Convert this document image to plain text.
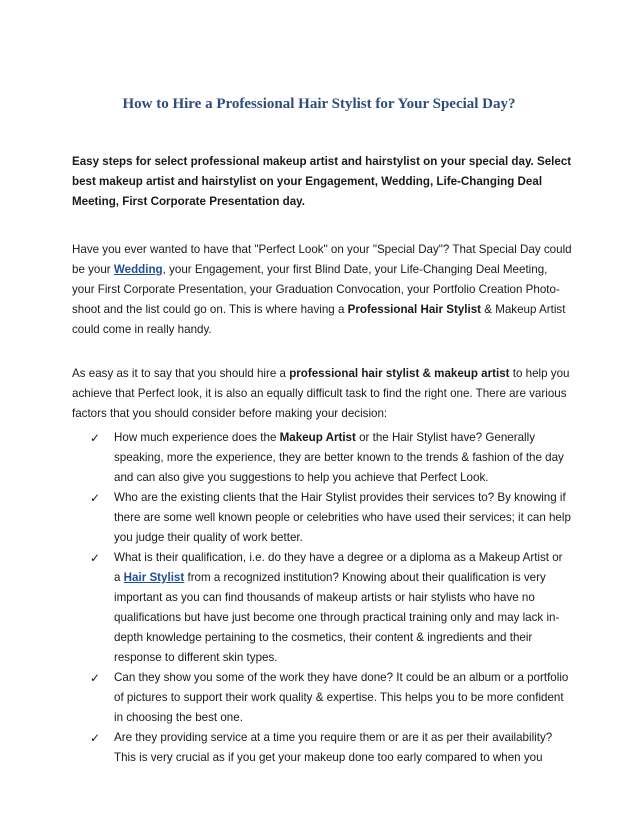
How to Hire a Professional Hair Stylist for Your Special Day?

Easy steps for select professional makeup artist and hairstylist on your special day. Select best makeup artist and hairstylist on your Engagement, Wedding, Life-Changing Deal Meeting, First Corporate Presentation day.

Have you ever wanted to have that "Perfect Look" on your "Special Day"? That Special Day could be your Wedding, your Engagement, your first Blind Date, your Life-Changing Deal Meeting, your First Corporate Presentation, your Graduation Convocation, your Portfolio Creation Photo-shoot and the list could go on. This is where having a Professional Hair Stylist & Makeup Artist could come in really handy.

As easy as it to say that you should hire a professional hair stylist & makeup artist to help you achieve that Perfect look, it is also an equally difficult task to find the right one. There are various factors that you should consider before making your decision:

✓ How much experience does the Makeup Artist or the Hair Stylist have? Generally speaking, more the experience, they are better known to the trends & fashion of the day and can also give you suggestions to help you achieve that Perfect Look.
✓ Who are the existing clients that the Hair Stylist provides their services to? By knowing if there are some well known people or celebrities who have used their services; it can help you judge their quality of work better.
✓ What is their qualification, i.e. do they have a degree or a diploma as a Makeup Artist or a Hair Stylist from a recognized institution? Knowing about their qualification is very important as you can find thousands of makeup artists or hair stylists who have no qualifications but have just become one through practical training only and may lack in-depth knowledge pertaining to the cosmetics, their content & ingredients and their response to different skin types.
✓ Can they show you some of the work they have done? It could be an album or a portfolio of pictures to support their work quality & expertise. This helps you to be more confident in choosing the best one.
✓ Are they providing service at a time you require them or are it as per their availability? This is very crucial as if you get your makeup done too early compared to when you
